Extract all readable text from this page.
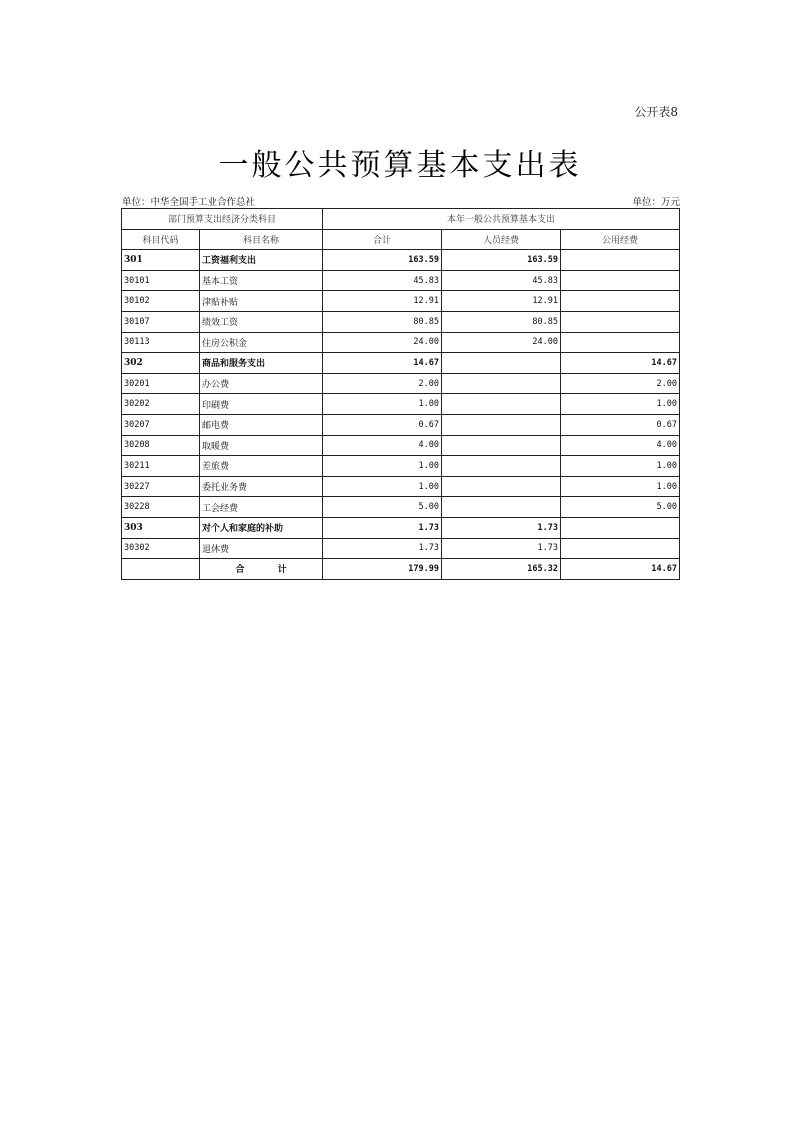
公开表8
一般公共预算基本支出表
单位：中华全国手工业合作总社	单位：万元
部门预算支出经济分类科目		本年一般公共预算基本支出		
科目代码	科目名称	合计	人员经费	公用经费
301	工资福利支出	163.59	163.59	
30101	基本工资	45.83	45.83	
30102	津贴补贴	12.91	12.91	
30107	绩效工资	80.85	80.85	
30113	住房公积金	24.00	24.00	
302	商品和服务支出	14.67		14.67
30201	办公费	2.00		2.00
30202	印刷费	1.00		1.00
30207	邮电费	0.67		0.67
30208	取暖费	4.00		4.00
30211	差旅费	1.00		1.00
30227	委托业务费	1.00		1.00
30228	工会经费	5.00		5.00
303	对个人和家庭的补助	1.73	1.73	
30302	退休费	1.73	1.73	
	合 计	179.99	165.32	14.67
